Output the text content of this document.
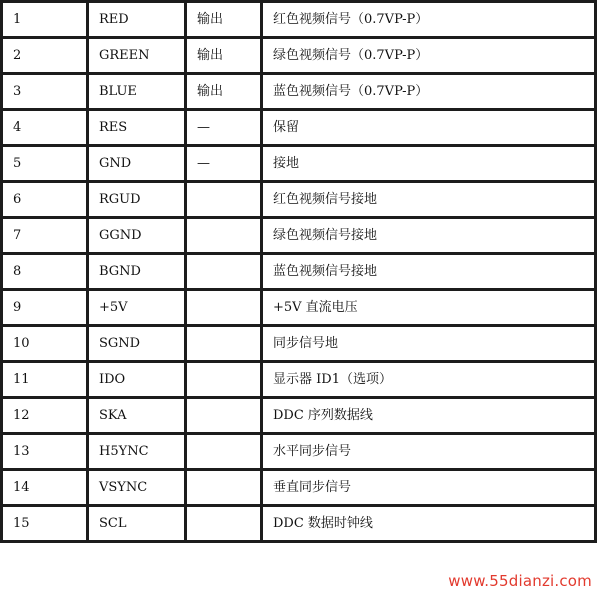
1	RED	输出	红色视频信号（0.7VP-P）
2	GREEN	输出	绿色视频信号（0.7VP-P）
3	BLUE	输出	蓝色视频信号（0.7VP-P）
4	RES	—	保留
5	GND	—	接地
6	RGUD		红色视频信号接地
7	GGND		绿色视频信号接地
8	BGND		蓝色视频信号接地
9	+5V		+5V 直流电压
10	SGND		同步信号地
11	IDO		显示器 ID1（选项）
12	SKA		DDC 序列数据线
13	H5YNC		水平同步信号
14	VSYNC		垂直同步信号
15	SCL		DDC 数据时钟线
www.55dianzi.com
